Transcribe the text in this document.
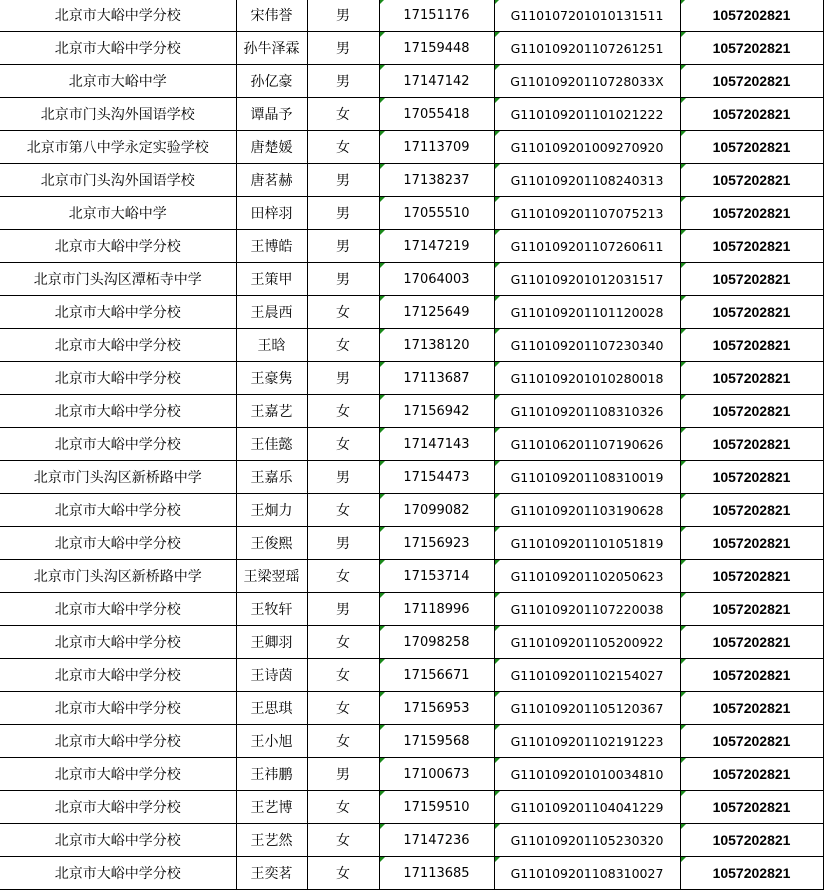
北京市大峪中学分校	宋伟誉	男	17151176	G110107201010131511	1057202821
北京市大峪中学分校	孙牛泽霖	男	17159448	G110109201107261251	1057202821
北京市大峪中学	孙亿豪	男	17147142	G11010920110728033X	1057202821
北京市门头沟外国语学校	谭晶予	女	17055418	G110109201101021222	1057202821
北京市第八中学永定实验学校	唐楚媛	女	17113709	G110109201009270920	1057202821
北京市门头沟外国语学校	唐茗赫	男	17138237	G110109201108240313	1057202821
北京市大峪中学	田梓羽	男	17055510	G110109201107075213	1057202821
北京市大峪中学分校	王博皓	男	17147219	G110109201107260611	1057202821
北京市门头沟区潭柘寺中学	王策甲	男	17064003	G110109201012031517	1057202821
北京市大峪中学分校	王晨西	女	17125649	G110109201101120028	1057202821
北京市大峪中学分校	王晗	女	17138120	G110109201107230340	1057202821
北京市大峪中学分校	王豪隽	男	17113687	G110109201010280018	1057202821
北京市大峪中学分校	王嘉艺	女	17156942	G110109201108310326	1057202821
北京市大峪中学分校	王佳懿	女	17147143	G110106201107190626	1057202821
北京市门头沟区新桥路中学	王嘉乐	男	17154473	G110109201108310019	1057202821
北京市大峪中学分校	王炯力	女	17099082	G110109201103190628	1057202821
北京市大峪中学分校	王俊熙	男	17156923	G110109201101051819	1057202821
北京市门头沟区新桥路中学	王梁翌瑶	女	17153714	G110109201102050623	1057202821
北京市大峪中学分校	王牧轩	男	17118996	G110109201107220038	1057202821
北京市大峪中学分校	王卿羽	女	17098258	G110109201105200922	1057202821
北京市大峪中学分校	王诗茵	女	17156671	G110109201102154027	1057202821
北京市大峪中学分校	王思琪	女	17156953	G110109201105120367	1057202821
北京市大峪中学分校	王小旭	女	17159568	G110109201102191223	1057202821
北京市大峪中学分校	王祎鹏	男	17100673	G110109201010034810	1057202821
北京市大峪中学分校	王艺博	女	17159510	G110109201104041229	1057202821
北京市大峪中学分校	王艺然	女	17147236	G110109201105230320	1057202821
北京市大峪中学分校	王奕茗	女	17113685	G110109201108310027	1057202821
